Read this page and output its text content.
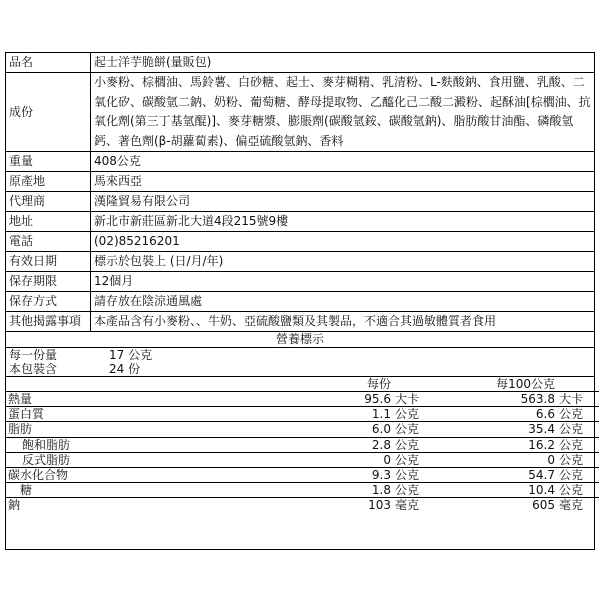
品名	起士洋芋脆餅(量販包)
成份	小麥粉、棕櫚油、馬鈴薯、白砂糖、起士、麥芽糊精、乳清粉、L-麩酸鈉、食用鹽、乳酸、二氧化矽、碳酸氫二鈉、奶粉、葡萄糖、酵母提取物、乙醯化己二酸二澱粉、起酥油[棕櫚油、抗氧化劑(第三丁基氫醌)]、麥芽糖漿、膨脹劑(碳酸氫銨、碳酸氫鈉)、脂肪酸甘油酯、磷酸氫鈣、著色劑(β-胡蘿蔔素)、偏亞硫酸氫鈉、香料
重量	408公克
原產地	馬來西亞
代理商	漢隆貿易有限公司
地址	新北市新莊區新北大道4段215號9樓
電話	(02)85216201
有效日期	標示於包裝上 (日/月/年)
保存期限	12個月
保存方式	請存放在陰涼通風處
其他揭露事項	本產品含有小麥粉、、牛奶、亞硫酸鹽類及其製品，不適合其過敏體質者食用
營養標示
每一份量	17 公克
本包裝含	24 份
	每份		每100公克	
熱量	95.6	大卡	563.8	大卡
蛋白質	1.1	公克	6.6	公克
脂肪	6.0	公克	35.4	公克
飽和脂肪	2.8	公克	16.2	公克
反式脂肪	0	公克	0	公克
碳水化合物	9.3	公克	54.7	公克
糖	1.8	公克	10.4	公克
鈉	103	毫克	605	毫克
